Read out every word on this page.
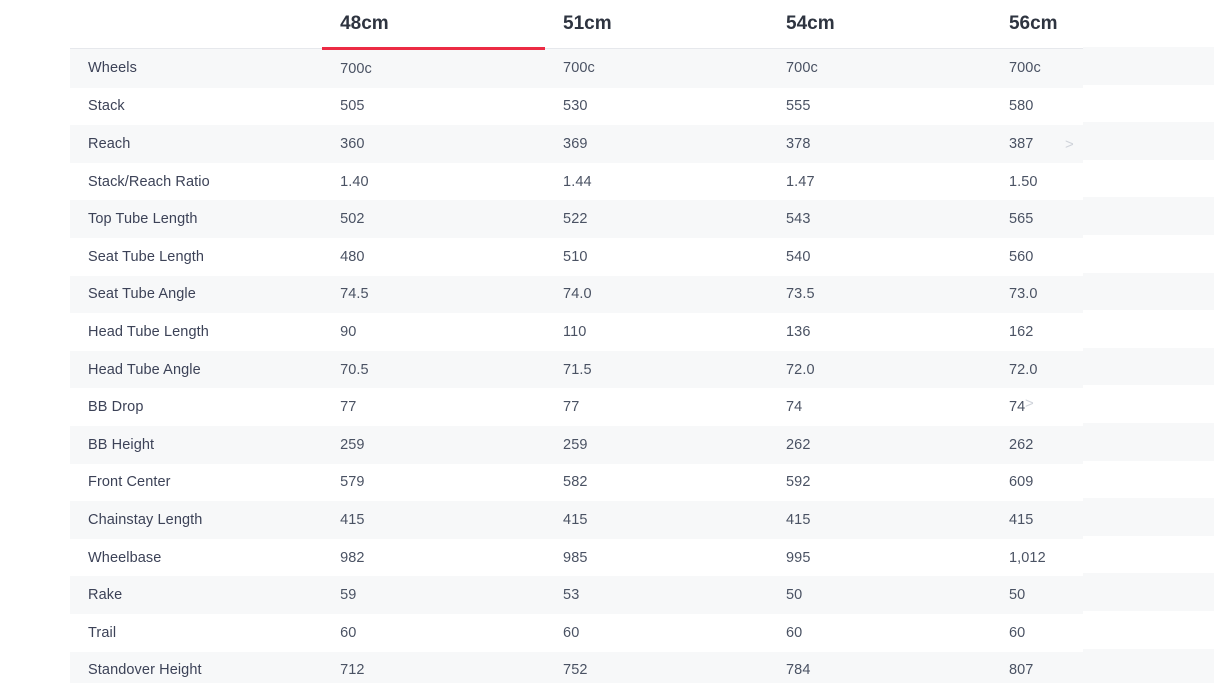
	48cm	51cm	54cm	56cm
Wheels	700c	700c	700c	700c
Stack	505	530	555	580
Reach	360	369	378	387
Stack/Reach Ratio	1.40	1.44	1.47	1.50
Top Tube Length	502	522	543	565
Seat Tube Length	480	510	540	560
Seat Tube Angle	74.5	74.0	73.5	73.0
Head Tube Length	90	110	136	162
Head Tube Angle	70.5	71.5	72.0	72.0
BB Drop	77	77	74	74
BB Height	259	259	262	262
Front Center	579	582	592	609
Chainstay Length	415	415	415	415
Wheelbase	982	985	995	1,012
Rake	59	53	50	50
Trail	60	60	60	60
Standover Height	712	752	784	807
>
>
